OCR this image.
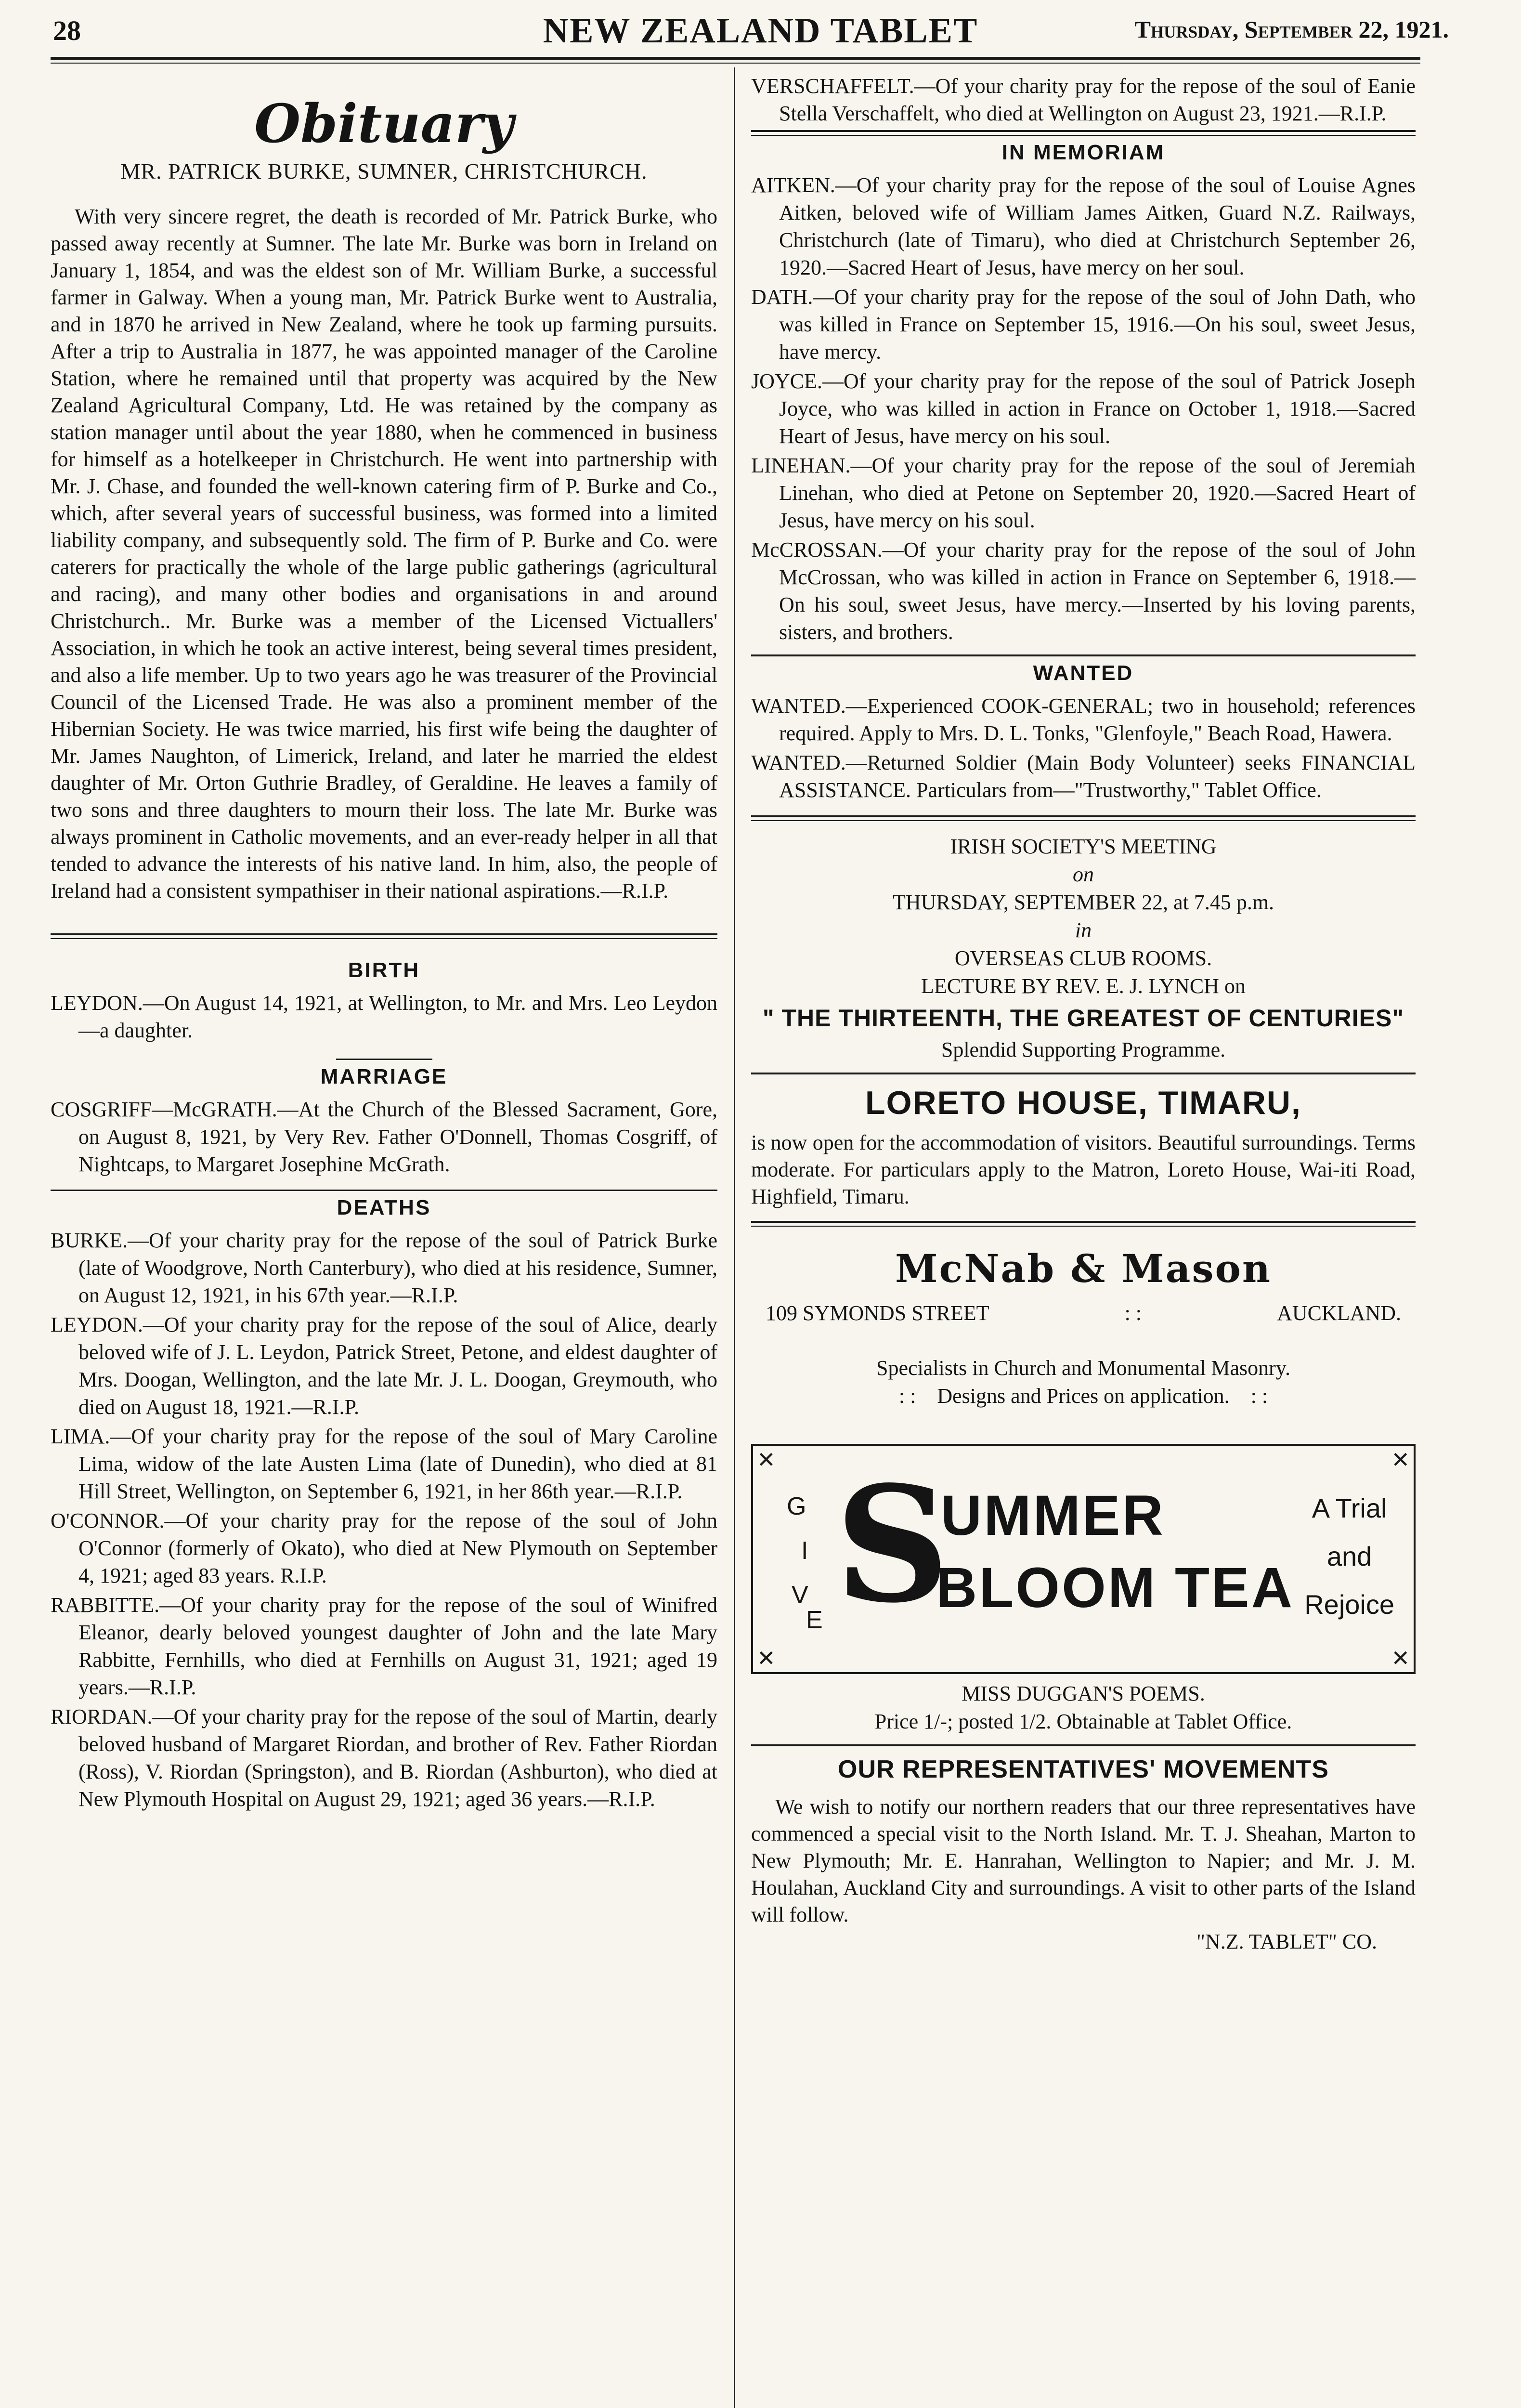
28	NEW ZEALAND TABLET	Thursday, September 22, 1921.
Obituary
MR. PATRICK BURKE, SUMNER, CHRISTCHURCH.

With very sincere regret, the death is recorded of Mr. Patrick Burke, who passed away recently at Sumner. The late Mr. Burke was born in Ireland on January 1, 1854, and was the eldest son of Mr. William Burke, a successful farmer in Galway. When a young man, Mr. Patrick Burke went to Australia, and in 1870 he arrived in New Zealand, where he took up farming pursuits. After a trip to Australia in 1877, he was appointed manager of the Caroline Station, where he remained until that property was acquired by the New Zealand Agricultural Company, Ltd. He was retained by the company as station manager until about the year 1880, when he commenced in business for himself as a hotelkeeper in Christchurch. He went into partnership with Mr. J. Chase, and founded the well-known catering firm of P. Burke and Co., which, after several years of successful business, was formed into a limited liability company, and subsequently sold. The firm of P. Burke and Co. were caterers for practically the whole of the large public gatherings (agricultural and racing), and many other bodies and organisations in and around Christchurch.. Mr. Burke was a member of the Licensed Victuallers' Association, in which he took an active interest, being several times president, and also a life member. Up to two years ago he was treasurer of the Provincial Council of the Licensed Trade. He was also a prominent member of the Hibernian Society. He was twice married, his first wife being the daughter of Mr. James Naughton, of Limerick, Ireland, and later he married the eldest daughter of Mr. Orton Guthrie Bradley, of Geraldine. He leaves a family of two sons and three daughters to mourn their loss. The late Mr. Burke was always prominent in Catholic movements, and an ever-ready helper in all that tended to advance the interests of his native land. In him, also, the people of Ireland had a consistent sympathiser in their national aspirations.—R.I.P.

BIRTH

LEYDON.—On August 14, 1921, at Wellington, to Mr. and Mrs. Leo Leydon—a daughter.

MARRIAGE

COSGRIFF—McGRATH.—At the Church of the Blessed Sacrament, Gore, on August 8, 1921, by Very Rev. Father O'Donnell, Thomas Cosgriff, of Nightcaps, to Margaret Josephine McGrath.

DEATHS

BURKE.—Of your charity pray for the repose of the soul of Patrick Burke (late of Woodgrove, North Canterbury), who died at his residence, Sumner, on August 12, 1921, in his 67th year.—R.I.P.

LEYDON.—Of your charity pray for the repose of the soul of Alice, dearly beloved wife of J. L. Leydon, Patrick Street, Petone, and eldest daughter of Mrs. Doogan, Wellington, and the late Mr. J. L. Doogan, Greymouth, who died on August 18, 1921.—R.I.P.

LIMA.—Of your charity pray for the repose of the soul of Mary Caroline Lima, widow of the late Austen Lima (late of Dunedin), who died at 81 Hill Street, Wellington, on September 6, 1921, in her 86th year.—R.I.P.

O'CONNOR.—Of your charity pray for the repose of the soul of John O'Connor (formerly of Okato), who died at New Plymouth on September 4, 1921; aged 83 years. R.I.P.

RABBITTE.—Of your charity pray for the repose of the soul of Winifred Eleanor, dearly beloved youngest daughter of John and the late Mary Rabbitte, Fernhills, who died at Fernhills on August 31, 1921; aged 19 years.—R.I.P.

RIORDAN.—Of your charity pray for the repose of the soul of Martin, dearly beloved husband of Margaret Riordan, and brother of Rev. Father Riordan (Ross), V. Riordan (Springston), and B. Riordan (Ashburton), who died at New Plymouth Hospital on August 29, 1921; aged 36 years.—R.I.P.

VERSCHAFFELT.—Of your charity pray for the repose of the soul of Eanie Stella Verschaffelt, who died at Wellington on August 23, 1921.—R.I.P.

IN MEMORIAM

AITKEN.—Of your charity pray for the repose of the soul of Louise Agnes Aitken, beloved wife of William James Aitken, Guard N.Z. Railways, Christchurch (late of Timaru), who died at Christchurch September 26, 1920.—Sacred Heart of Jesus, have mercy on her soul.

DATH.—Of your charity pray for the repose of the soul of John Dath, who was killed in France on September 15, 1916.—On his soul, sweet Jesus, have mercy.

JOYCE.—Of your charity pray for the repose of the soul of Patrick Joseph Joyce, who was killed in action in France on October 1, 1918.—Sacred Heart of Jesus, have mercy on his soul.

LINEHAN.—Of your charity pray for the repose of the soul of Jeremiah Linehan, who died at Petone on September 20, 1920.—Sacred Heart of Jesus, have mercy on his soul.

McCROSSAN.—Of your charity pray for the repose of the soul of John McCrossan, who was killed in action in France on September 6, 1918.—On his soul, sweet Jesus, have mercy.—Inserted by his loving parents, sisters, and brothers.

WANTED

WANTED.—Experienced COOK-GENERAL; two in household; references required. Apply to Mrs. D. L. Tonks, "Glenfoyle," Beach Road, Hawera.

WANTED.—Returned Soldier (Main Body Volunteer) seeks FINANCIAL ASSISTANCE. Particulars from—"Trustworthy," Tablet Office.

IRISH SOCIETY'S MEETING

on

THURSDAY, SEPTEMBER 22, at 7.45 p.m.

in

OVERSEAS CLUB ROOMS.

LECTURE BY REV. E. J. LYNCH on

" THE THIRTEENTH, THE GREATEST OF CENTURIES"

Splendid Supporting Programme.

LORETO HOUSE, TIMARU,

is now open for the accommodation of visitors. Beautiful surroundings. Terms moderate. For particulars apply to the Matron, Loreto House, Wai-iti Road, Highfield, Timaru.

McNab & Mason
109 SYMONDS STREET	: :	AUCKLAND.

Specialists in Church and Monumental Masonry.

: :    Designs and Prices on application.    : :

✕	✕
✕	✕
G
I
V
E S
UMMER
BLOOM TEA
A Trial
and
Rejoice

MISS DUGGAN'S POEMS.

Price 1/-; posted 1/2. Obtainable at Tablet Office.

OUR REPRESENTATIVES' MOVEMENTS

We wish to notify our northern readers that our three representatives have commenced a special visit to the North Island. Mr. T. J. Sheahan, Marton to New Plymouth; Mr. E. Hanrahan, Wellington to Napier; and Mr. J. M. Houlahan, Auckland City and surroundings. A visit to other parts of the Island will follow.

"N.Z. TABLET" CO.
